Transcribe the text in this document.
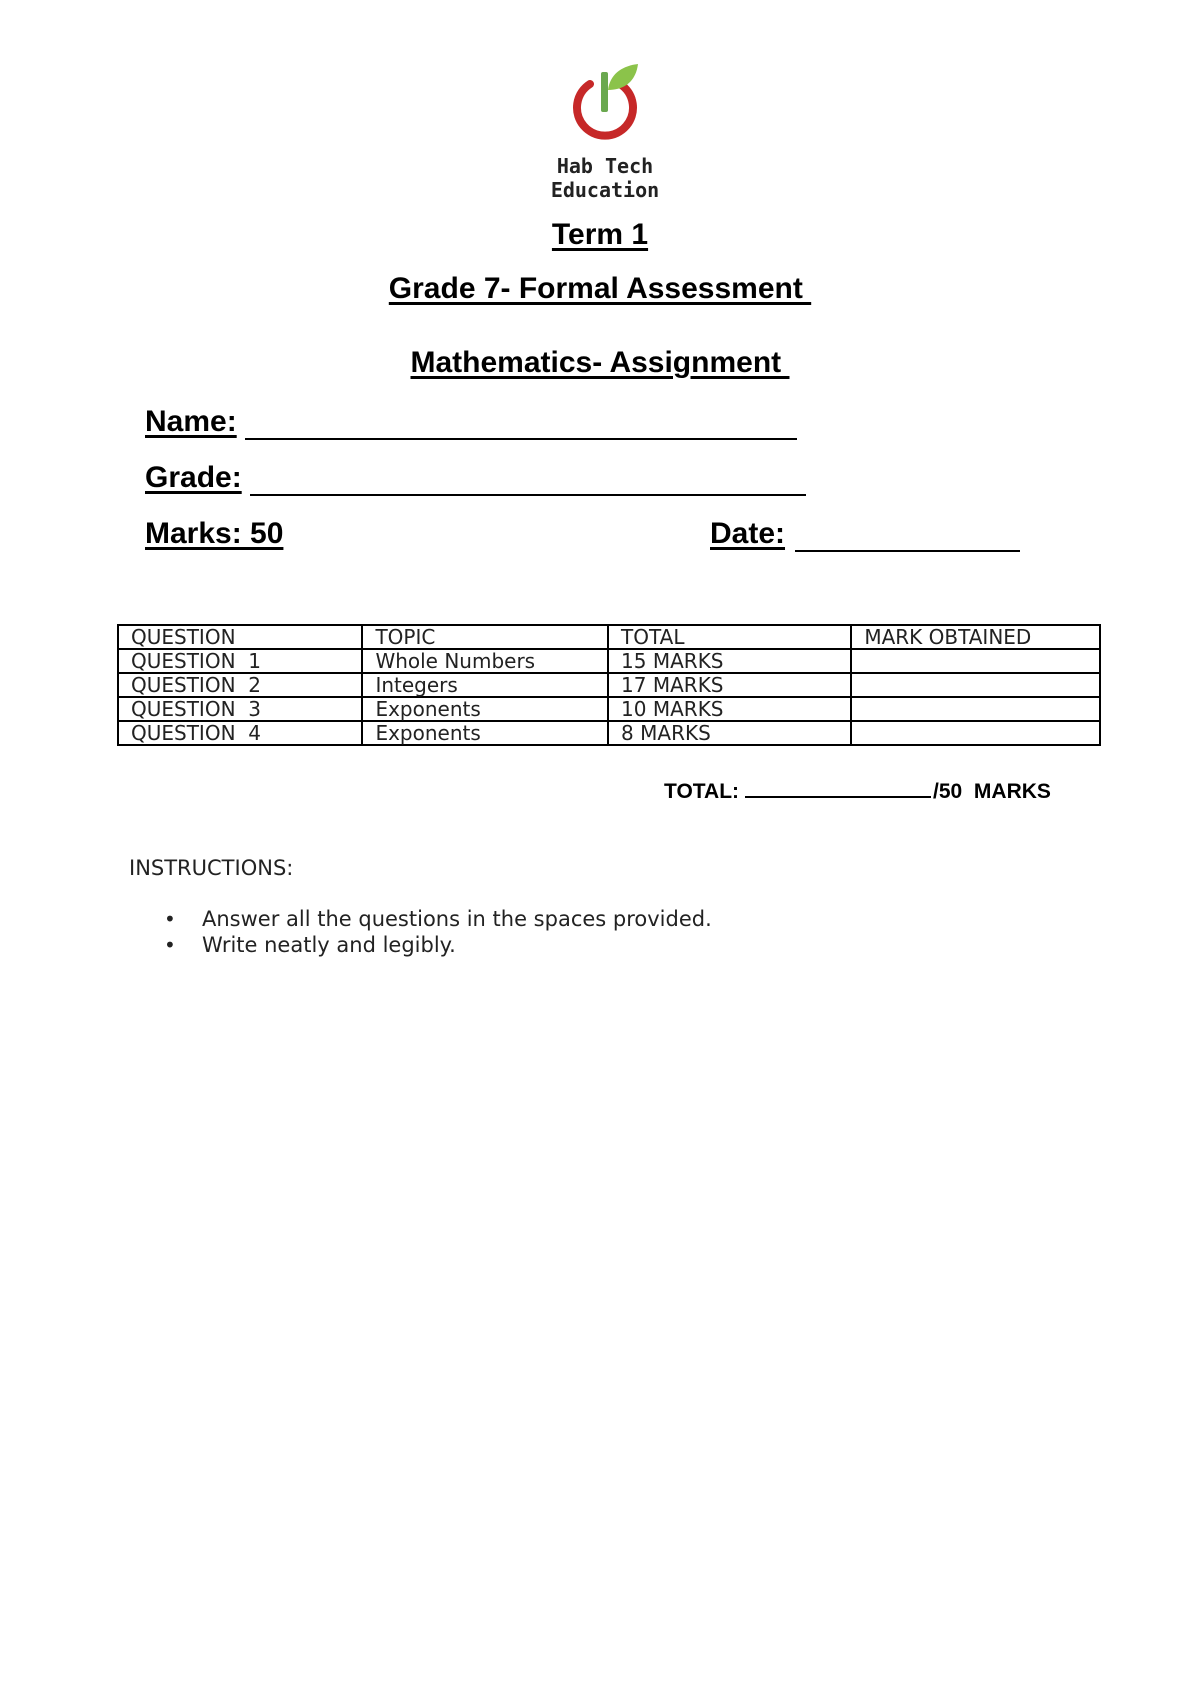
Hab Tech
Education
Term 1
Grade 7- Formal Assessment
Mathematics- Assignment
Name:
Grade:
Marks: 50	Date:
QUESTION	TOPIC	TOTAL	MARK OBTAINED
QUESTION  1	Whole Numbers	15 MARKS	
QUESTION  2	Integers	17 MARKS	
QUESTION  3	Exponents	10 MARKS	
QUESTION  4	Exponents	8 MARKS	
TOTAL:	/50  MARKS
INSTRUCTIONS:
• Answer all the questions in the spaces provided.
• Write neatly and legibly.
